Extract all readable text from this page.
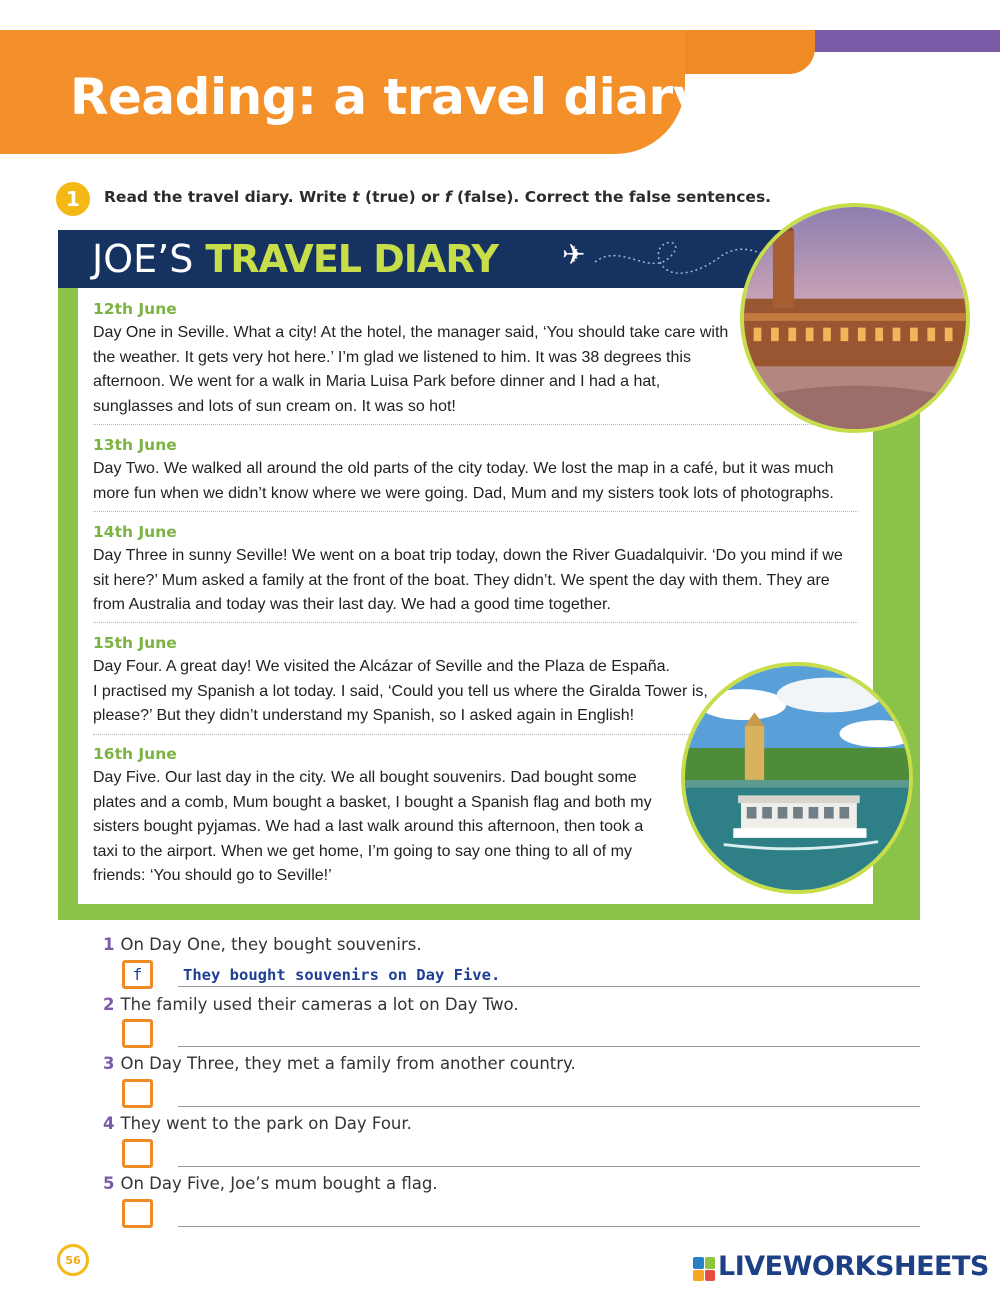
Reading: a travel diary
1	Read the travel diary. Write t (true) or f (false). Correct the false sentences.
JOE’S TRAVEL DIARY ✈
12th June
Day One in Seville. What a city! At the hotel, the manager said, ‘You should take care with
the weather. It gets very hot here.’ I’m glad we listened to him. It was 38 degrees this
afternoon. We went for a walk in Maria Luisa Park before dinner and I had a hat,
sunglasses and lots of sun cream on. It was so hot!
13th June
Day Two. We walked all around the old parts of the city today. We lost the map in a café, but it was much
more fun when we didn’t know where we were going. Dad, Mum and my sisters took lots of photographs.
14th June
Day Three in sunny Seville! We went on a boat trip today, down the River Guadalquivir. ‘Do you mind if we
sit here?’ Mum asked a family at the front of the boat. They didn’t. We spent the day with them. They are
from Australia and today was their last day. We had a good time together.
15th June
Day Four. A great day! We visited the Alcázar of Seville and the Plaza de España.
I practised my Spanish a lot today. I said, ‘Could you tell us where the Giralda Tower is,
please?’ But they didn’t understand my Spanish, so I asked again in English!
16th June
Day Five. Our last day in the city. We all bought souvenirs. Dad bought some
plates and a comb, Mum bought a basket, I bought a Spanish flag and both my
sisters bought pyjamas. We had a last walk around this afternoon, then took a
taxi to the airport. When we get home, I’m going to say one thing to all of my
friends: ‘You should go to Seville!’
1 On Day One, they bought souvenirs.
f	They bought souvenirs on Day Five.
2 The family used their cameras a lot on Day Two.
3 On Day Three, they met a family from another country.
4 They went to the park on Day Four.
5 On Day Five, Joe’s mum bought a flag.
56	LIVEWORKSHEETS
